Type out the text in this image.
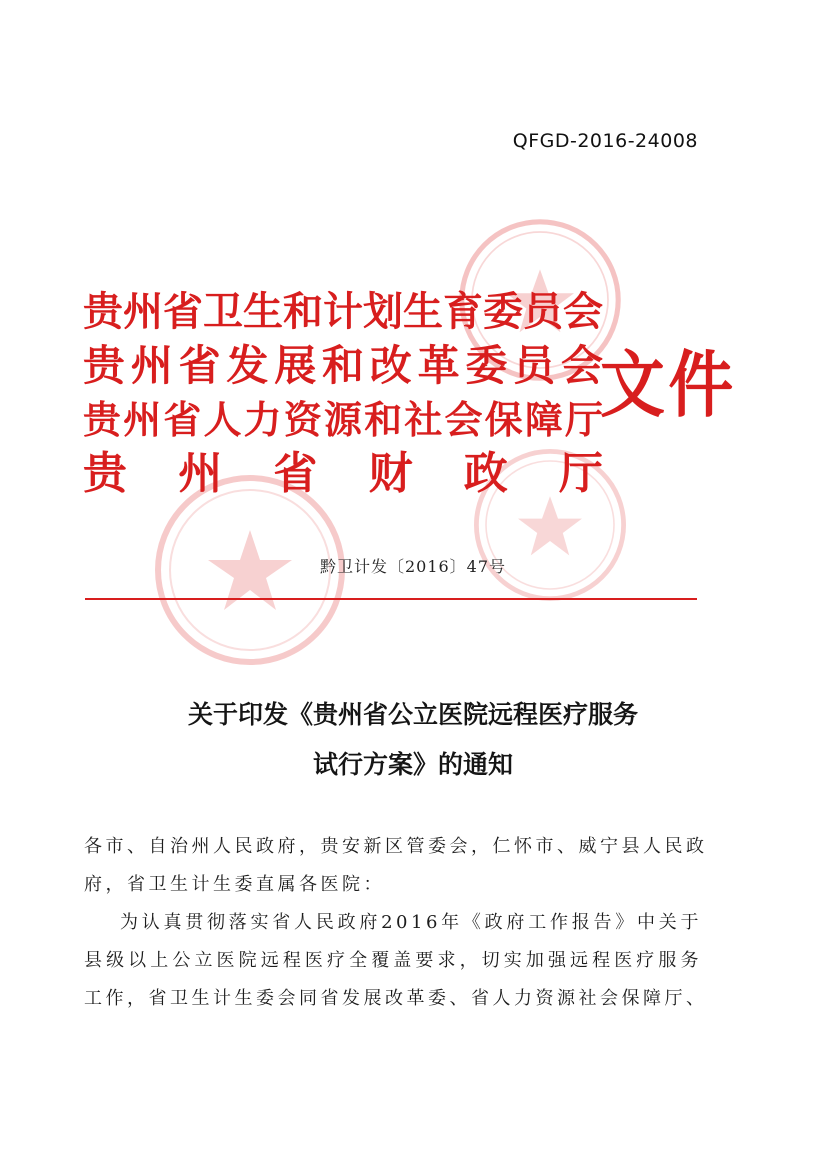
QFGD-2016-24008
贵州省卫生和计划生育委员会
贵州省发展和改革委员会
贵州省人力资源和社会保障厅
贵州省财政厅
文件
黔卫计发〔2016〕47号
关于印发《贵州省公立医院远程医疗服务
试行方案》的通知

各市、自治州人民政府，贵安新区管委会，仁怀市、威宁县人民政

府，省卫生计生委直属各医院：

为认真贯彻落实省人民政府2016年《政府工作报告》中关于

县级以上公立医院远程医疗全覆盖要求，切实加强远程医疗服务

工作，省卫生计生委会同省发展改革委、省人力资源社会保障厅、
